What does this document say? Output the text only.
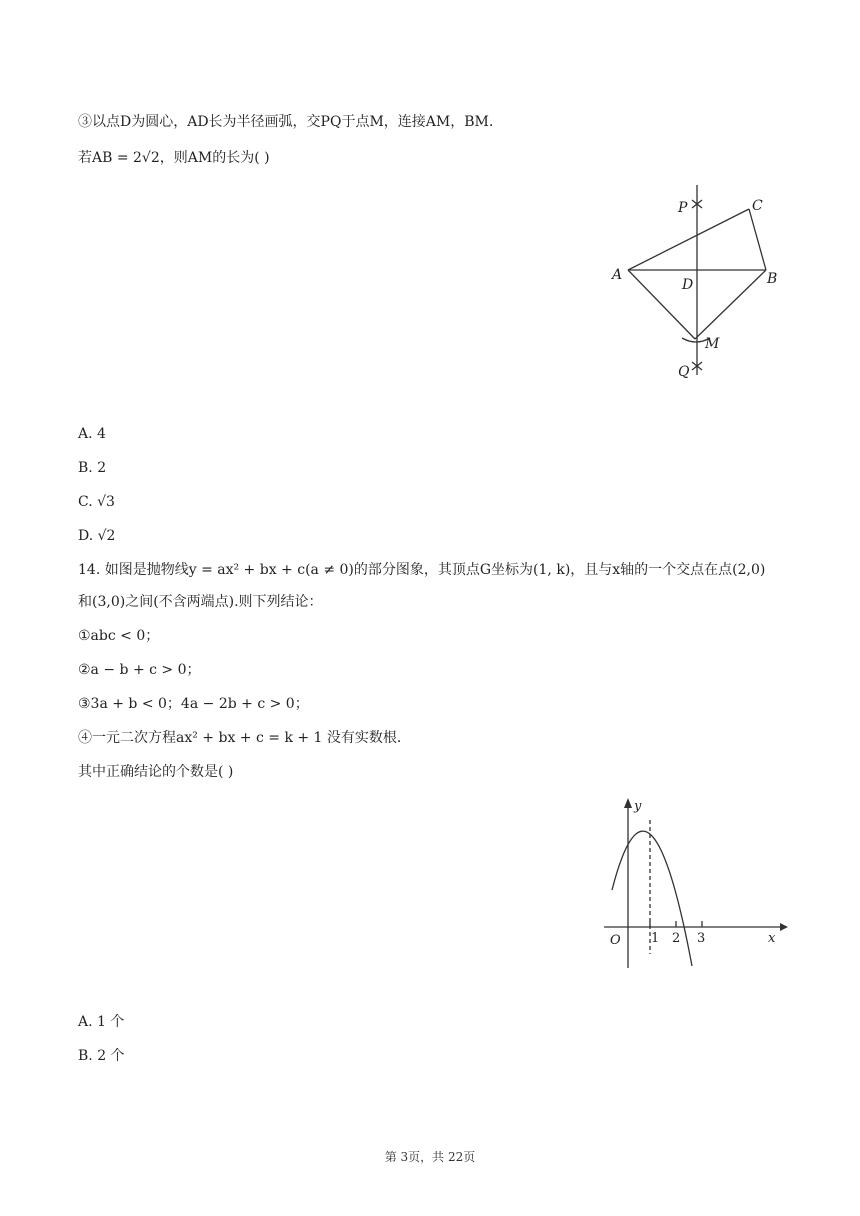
③以点D为圆心，AD长为半径画弧，交PQ于点M，连接AM，BM.
若AB = 2√2，则AM的长为( )
P	C
A
D	B
M
Q
A. 4
B. 2
C. √3
D. √2
14. 如图是抛物线y = ax² + bx + c(a ≠ 0)的部分图象，其顶点G坐标为(1, k)，且与x轴的一个交点在点(2,0)
和(3,0)之间(不含两端点).则下列结论：
①abc < 0；
②a − b + c > 0；
③3a + b < 0；4a − 2b + c > 0；
④一元二次方程ax² + bx + c = k + 1 没有实数根.
其中正确结论的个数是( )
y
x
O 1 2 3
A. 1 个
B. 2 个
第 3页，共 22页
